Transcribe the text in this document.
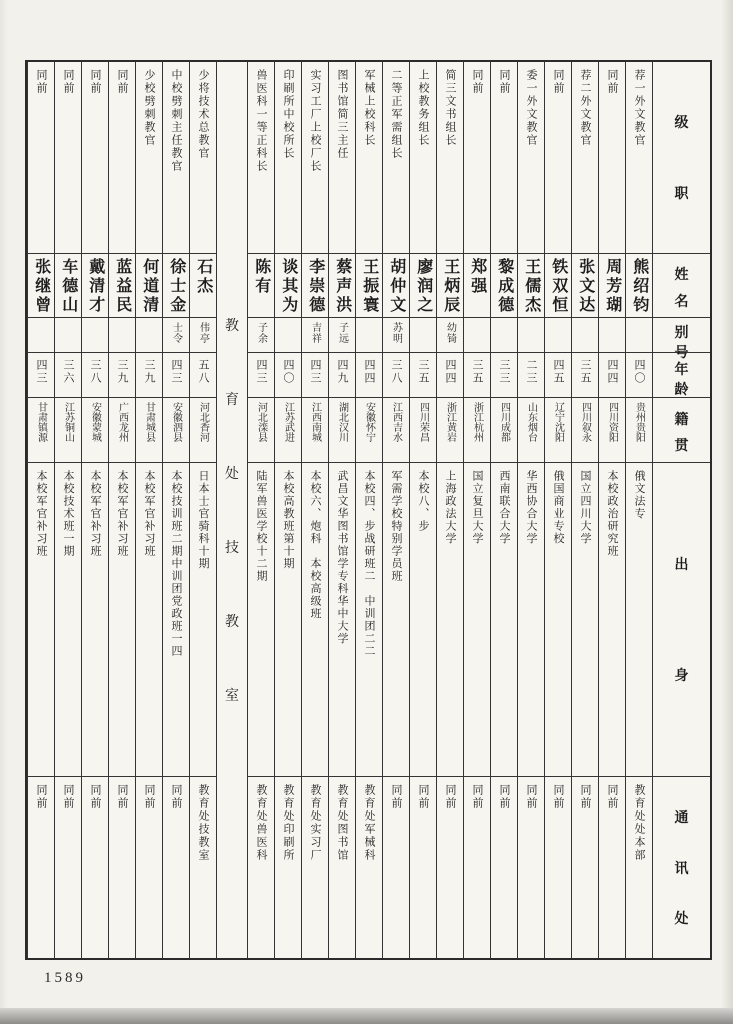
级
职
姓
名
别
号
年
龄
籍
贯
出
身
通
讯
处
荐一外文教官
熊绍钧
四〇
贵州贵阳
俄文法专
教育处处本部
同前
周芳瑚
四四
四川资阳
本校政治研究班
同前
荐二外文教官
张文达
三五
四川叙永
国立四川大学
同前
同前
铁双恒
四五
辽宁沈阳
俄国商业专校
同前
委一外文教官
王儒杰
二三
山东烟台
华西协合大学
同前
同前
黎成德
三三
四川成都
西南联合大学
同前
同前
郑强
三五
浙江杭州
国立复旦大学
同前
简三文书组长
王炳辰
幼锜
四四
浙江黄岩
上海政法大学
同前
上校教务组长
廖润之
三五
四川荣昌
本校八、步
同前
二等正军需组长
胡仲文
苏明
三八
江西吉水
军需学校特别学员班
同前
军械上校科长
王振寰
四四
安徽怀宁
本校四、步战研班二　中训团二二
教育处军械科
图书馆简三主任
蔡声洪
子远
四九
湖北汉川
武昌文华图书馆学专科华中大学
教育处图书馆
实习工厂上校厂长
李崇德
吉祥
四三
江西南城
本校六、炮科　本校高级班
教育处实习厂
印刷所中校所长
谈其为
四〇
江苏武进
本校高教班第十期
教育处印刷所
兽医科一等正科长
陈有
子余
四三
河北滦县
陆军兽医学校十二期
教育处兽医科
教
育
处
技
教
室
少将技术总教官
石杰
伟亭
五八
河北香河
日本士官骑科十期
教育处技教室
中校劈刺主任教官
徐士金
士令
四三
安徽泗县
本校技训班二期中训团党政班一四
同前
少校劈刺教官
何道清
三九
甘肃城县
本校军官补习班
同前
同前
蓝益民
三九
广西龙州
本校军官补习班
同前
同前
戴清才
三八
安徽蒙城
本校军官补习班
同前
同前
车德山
三六
江苏铜山
本校技术班一期
同前
同前
张继曾
四三
甘肃镇源
本校军官补习班
同前
1589
